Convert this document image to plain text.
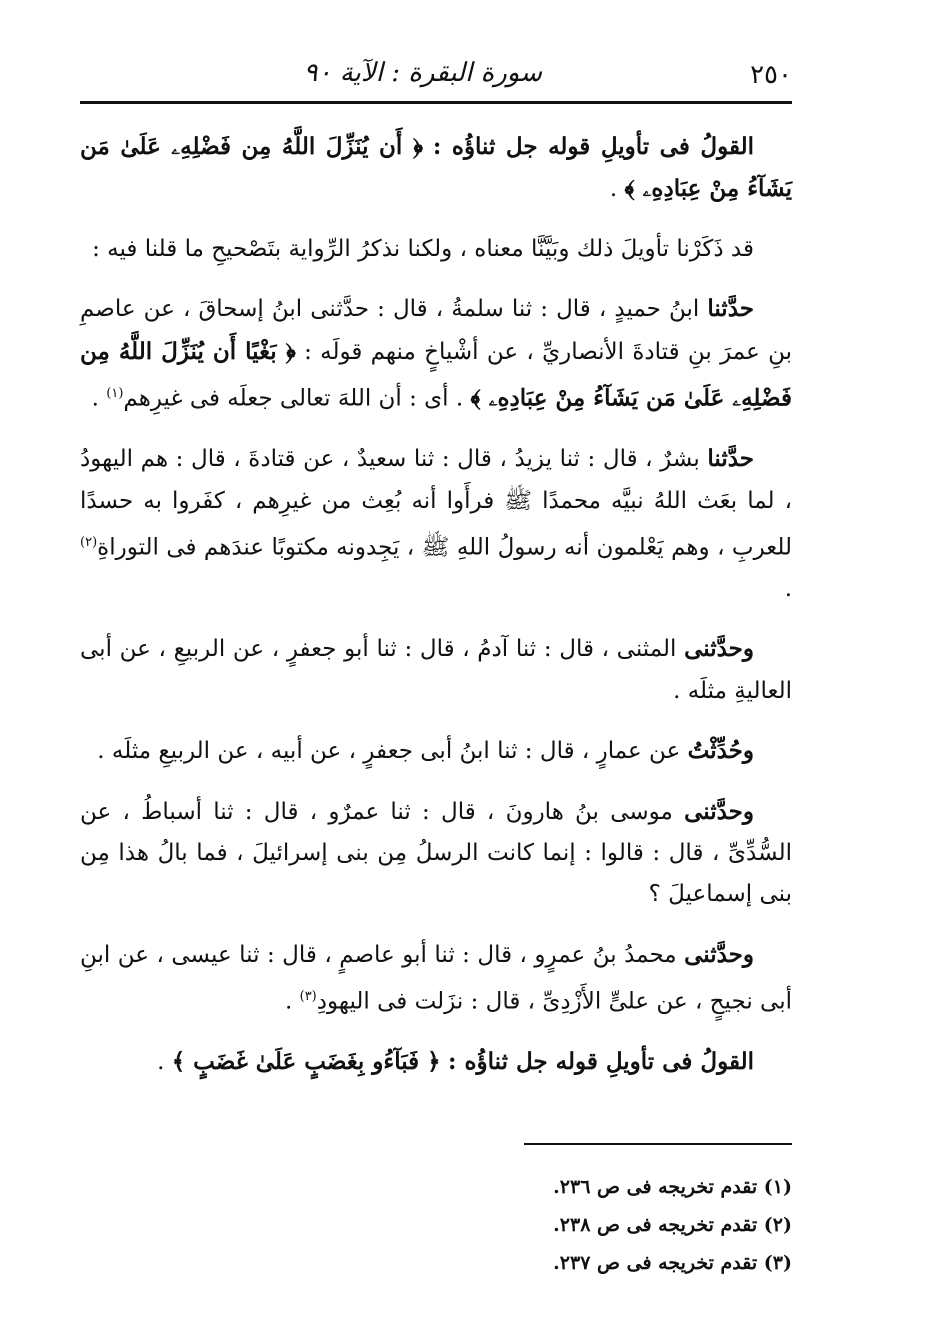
٢٥٠
سورة البقرة : الآية ٩٠

القولُ فى تأويلِ قوله جل ثناؤُه : ﴿ أَن يُنَزِّلَ اللَّهُ مِن فَضْلِهِۦ عَلَىٰ مَن يَشَآءُ مِنْ عِبَادِهِۦ ﴾ .

قد ذَكَرْنا تأويلَ ذلك وبَيَّنَّا معناه ، ولكنا نذكرُ الرِّواية بتَصْحيحِ ما قلنا فيه :

حدَّثنا ابنُ حميدٍ ، قال : ثنا سلمةُ ، قال : حدَّثنى ابنُ إسحاقَ ، عن عاصمِ بنِ عمرَ بنِ قتادةَ الأنصاريِّ ، عن أشْياخٍ منهم قولَه : ﴿ بَغْيًا أَن يُنَزِّلَ اللَّهُ مِن فَضْلِهِۦ عَلَىٰ مَن يَشَآءُ مِنْ عِبَادِهِۦ ﴾ . أى : أن اللهَ تعالى جعلَه فى غيرِهم$^{(١)}$ .

حدَّثنا بشرٌ ، قال : ثنا يزيدُ ، قال : ثنا سعيدٌ ، عن قتادةَ ، قال : هم اليهودُ ، لما بعَث اللهُ نبيَّه محمدًا ﷺ فرأَوا أنه بُعِث من غيرِهم ، كفَروا به حسدًا للعربِ ، وهم يَعْلمون أنه رسولُ اللهِ ﷺ ، يَجِدونه مكتوبًا عندَهم فى التوراةِ$^{(٢)}$ .

وحدَّثنى المثنى ، قال : ثنا آدمُ ، قال : ثنا أبو جعفرٍ ، عن الربيعِ ، عن أبى العاليةِ مثلَه .

وحُدِّثْتُ عن عمارٍ ، قال : ثنا ابنُ أبى جعفرٍ ، عن أبيه ، عن الربيعِ مثلَه .

وحدَّثنى موسى بنُ هارونَ ، قال : ثنا عمرٌو ، قال : ثنا أسباطُ ، عن السُّدِّىِّ ، قال : قالوا : إنما كانت الرسلُ مِن بنى إسرائيلَ ، فما بالُ هذا مِن بنى إسماعيلَ ؟

وحدَّثنى محمدُ بنُ عمرٍو ، قال : ثنا أبو عاصمٍ ، قال : ثنا عيسى ، عن ابنِ أبى نجيحٍ ، عن علىٍّ الأَزْدِىِّ ، قال : نزَلت فى اليهودِ$^{(٣)}$ .

القولُ فى تأويلِ قوله جل ثناؤُه : ﴿ فَبَآءُو بِغَضَبٍ عَلَىٰ غَضَبٍ ﴾ .

(١) تقدم تخريجه فى ص ٢٣٦.
(٢) تقدم تخريجه فى ص ٢٣٨.
(٣) تقدم تخريجه فى ص ٢٣٧.
